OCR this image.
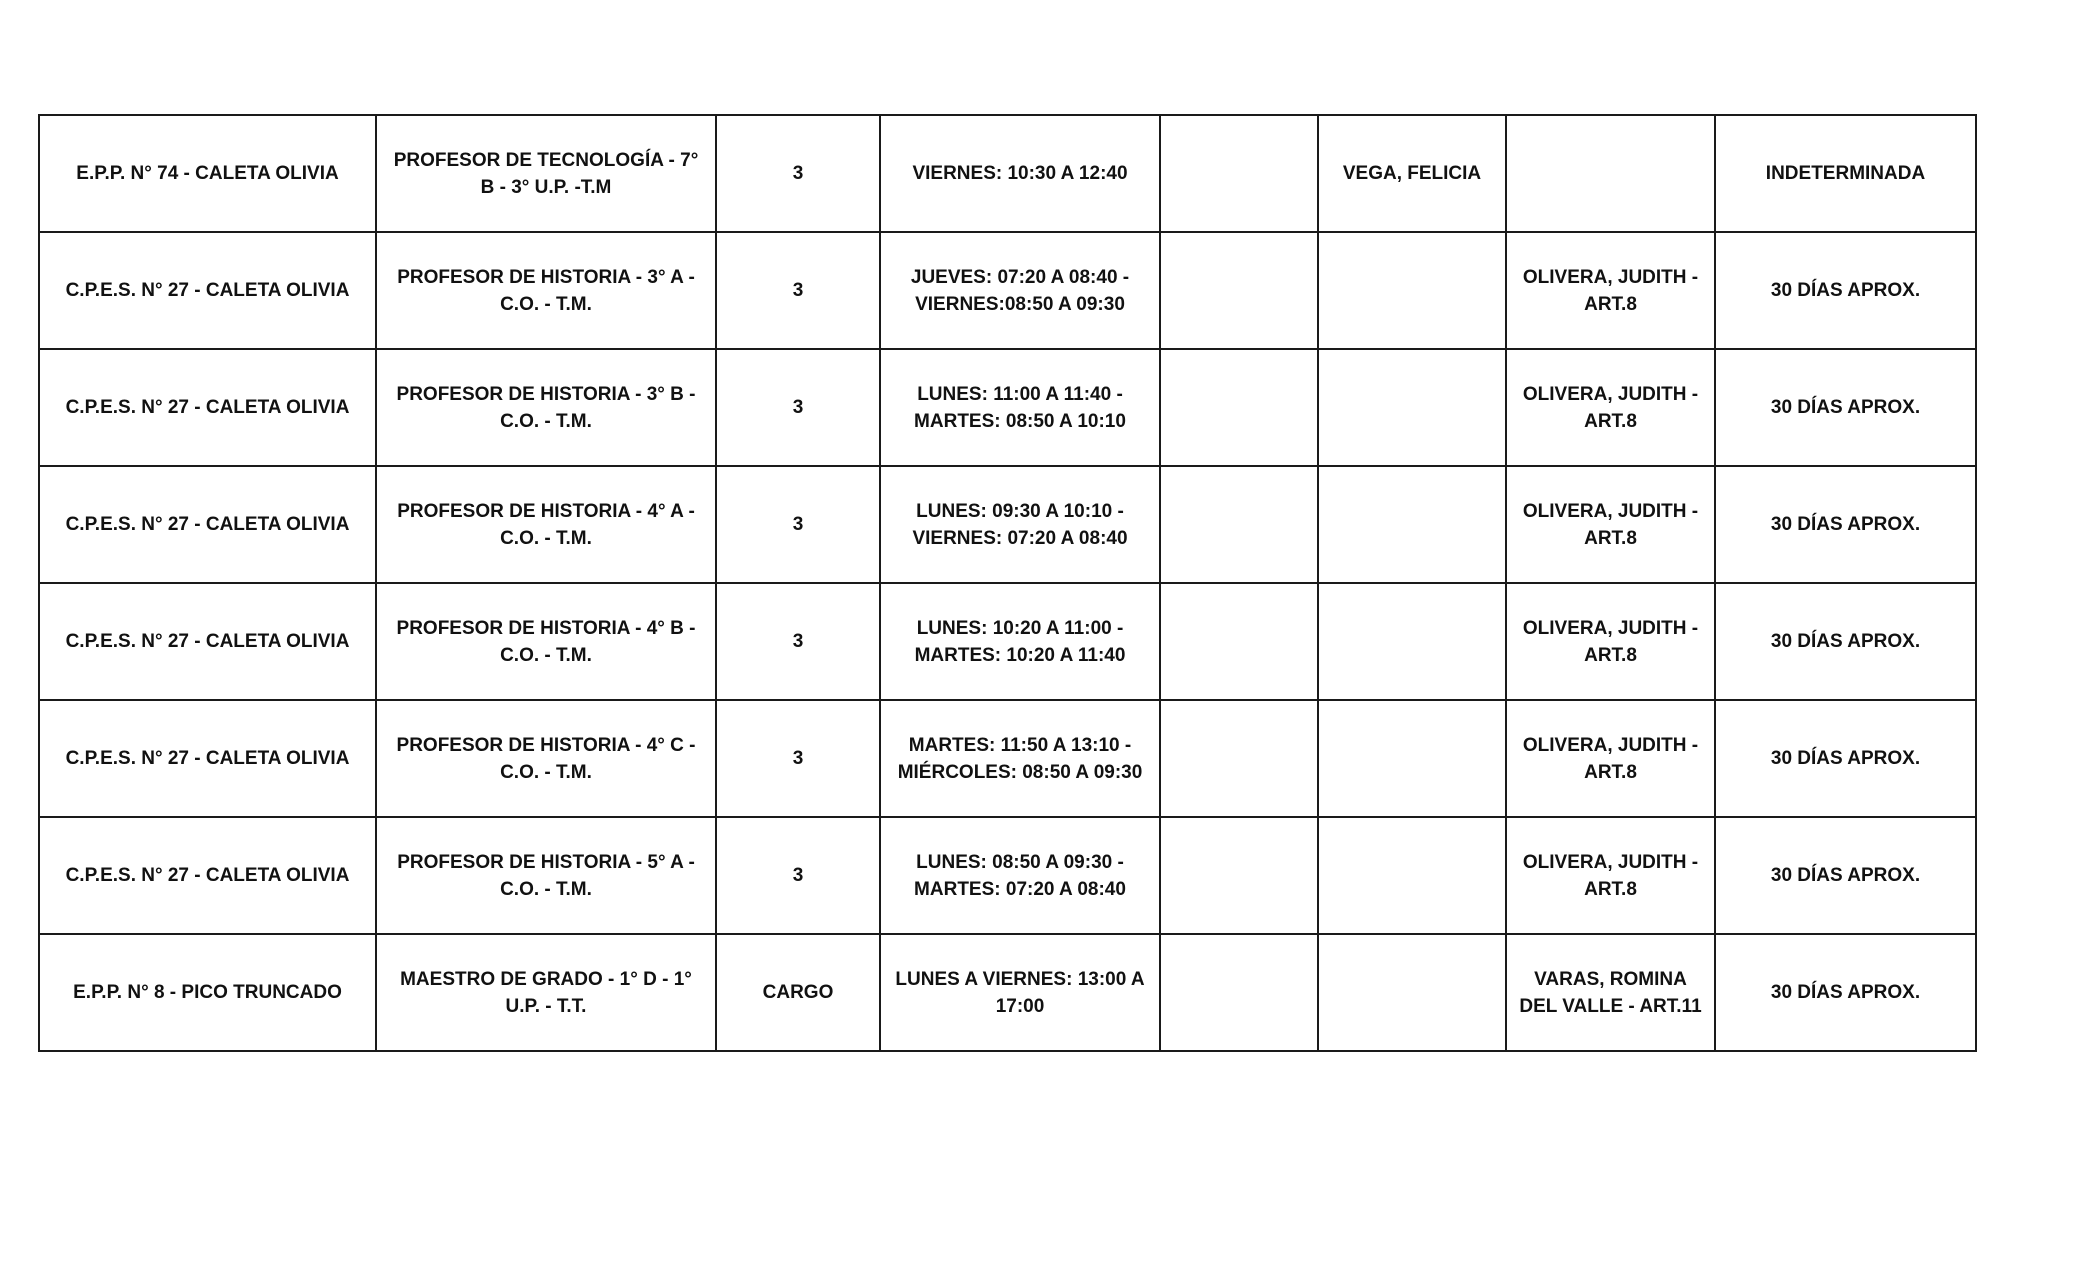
E.P.P. N° 74 - CALETA OLIVIA	PROFESOR DE TECNOLOGÍA - 7° B - 3° U.P. -T.M	3	VIERNES: 10:30 A 12:40		VEGA, FELICIA		INDETERMINADA
C.P.E.S. N° 27 - CALETA OLIVIA	PROFESOR DE HISTORIA - 3° A - C.O. - T.M.	3	JUEVES: 07:20 A 08:40 - VIERNES:08:50 A 09:30			OLIVERA, JUDITH - ART.8	30 DÍAS APROX.
C.P.E.S. N° 27 - CALETA OLIVIA	PROFESOR DE HISTORIA - 3° B - C.O. - T.M.	3	LUNES: 11:00 A 11:40 - MARTES: 08:50 A 10:10			OLIVERA, JUDITH - ART.8	30 DÍAS APROX.
C.P.E.S. N° 27 - CALETA OLIVIA	PROFESOR DE HISTORIA - 4° A - C.O. - T.M.	3	LUNES: 09:30 A 10:10 - VIERNES: 07:20 A 08:40			OLIVERA, JUDITH - ART.8	30 DÍAS APROX.
C.P.E.S. N° 27 - CALETA OLIVIA	PROFESOR DE HISTORIA - 4° B - C.O. - T.M.	3	LUNES: 10:20 A 11:00 - MARTES: 10:20 A 11:40			OLIVERA, JUDITH - ART.8	30 DÍAS APROX.
C.P.E.S. N° 27 - CALETA OLIVIA	PROFESOR DE HISTORIA - 4° C - C.O. - T.M.	3	MARTES: 11:50 A 13:10 - MIÉRCOLES: 08:50 A 09:30			OLIVERA, JUDITH - ART.8	30 DÍAS APROX.
C.P.E.S. N° 27 - CALETA OLIVIA	PROFESOR DE HISTORIA - 5° A - C.O. - T.M.	3	LUNES: 08:50 A 09:30 - MARTES: 07:20 A 08:40			OLIVERA, JUDITH - ART.8	30 DÍAS APROX.
E.P.P. N° 8 - PICO TRUNCADO	MAESTRO DE GRADO - 1° D - 1° U.P. - T.T.	CARGO	LUNES A VIERNES: 13:00 A 17:00			VARAS, ROMINA DEL VALLE - ART.11	30 DÍAS APROX.
